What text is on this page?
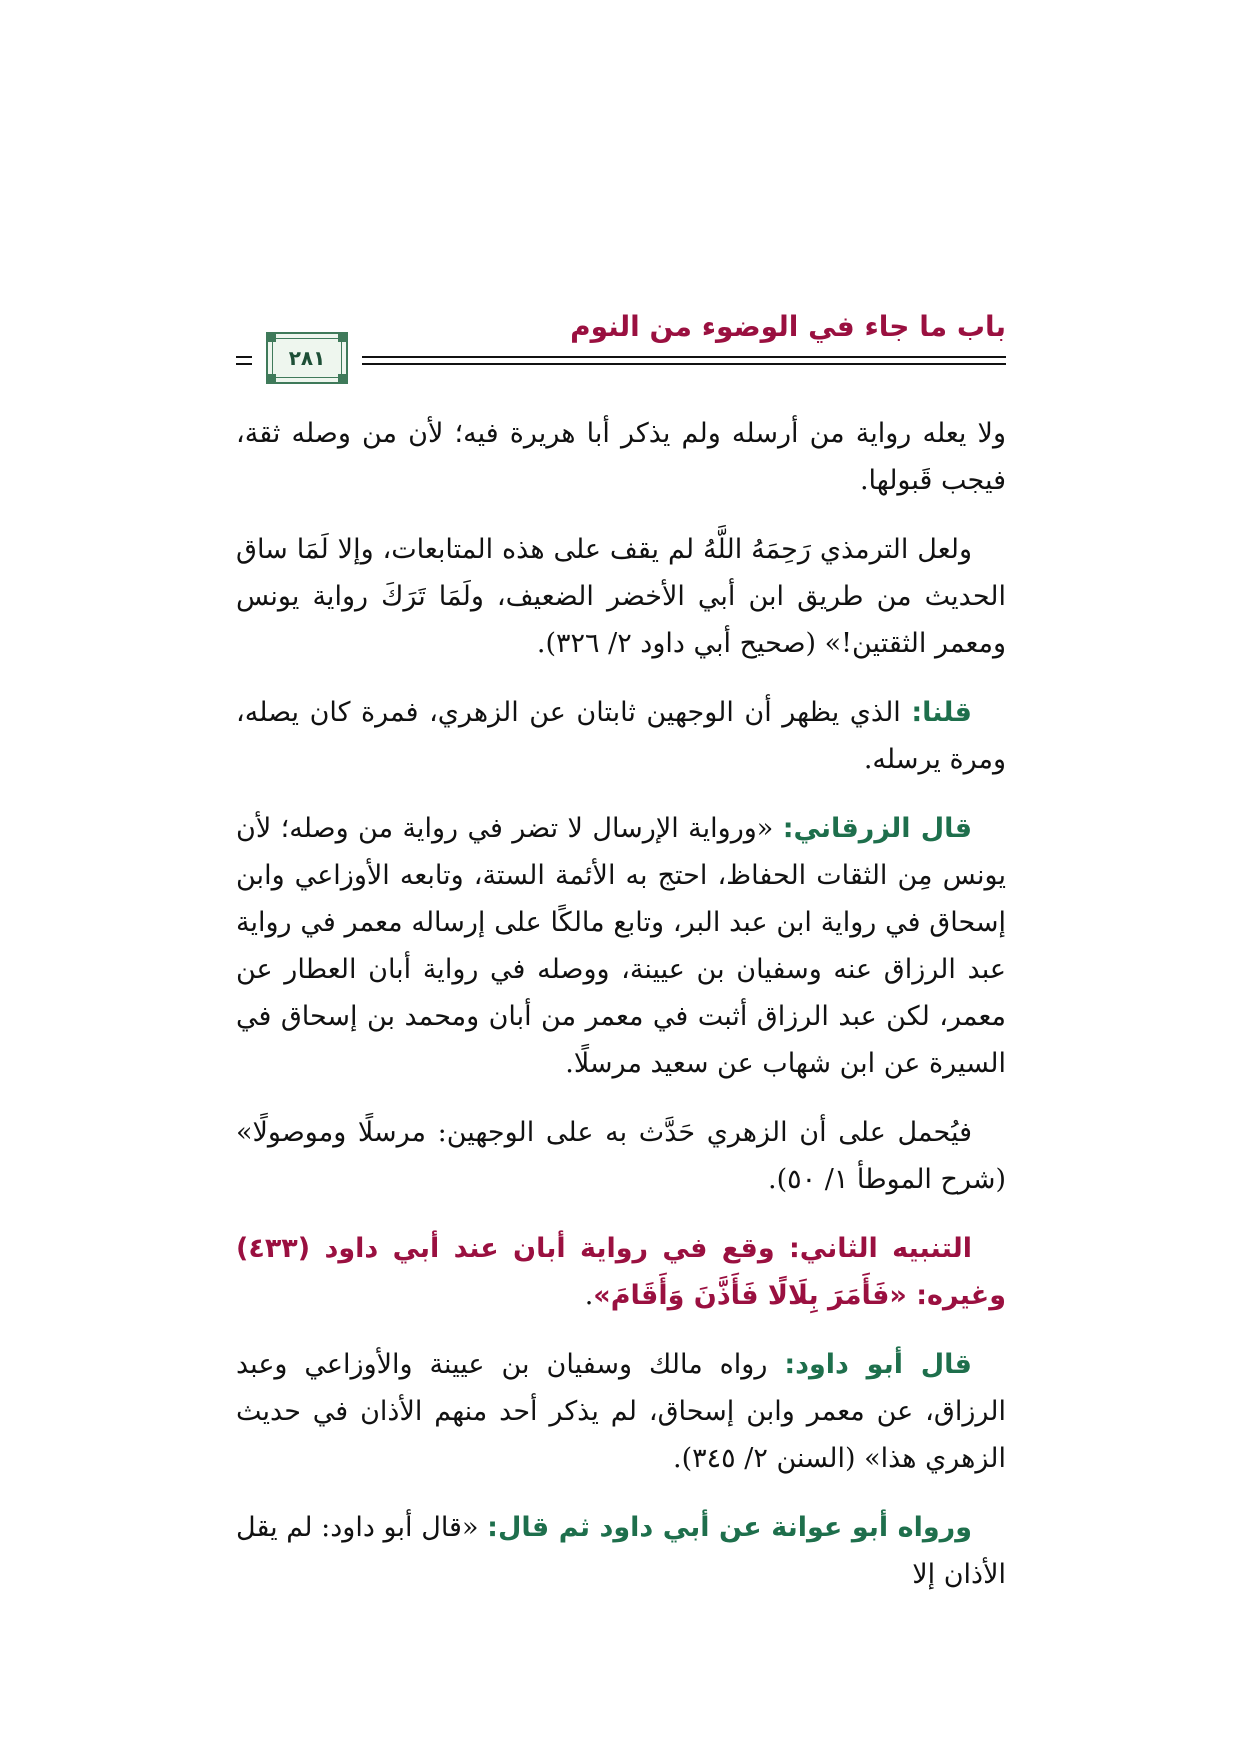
باب ما جاء في الوضوء من النوم
٢٨١

ولا يعله رواية من أرسله ولم يذكر أبا هريرة فيه؛ لأن من وصله ثقة، فيجب قَبولها.

ولعل الترمذي رَحِمَهُ اللَّهُ لم يقف على هذه المتابعات، وإلا لَمَا ساق الحديث من طريق ابن أبي الأخضر الضعيف، ولَمَا تَرَكَ رواية يونس ومعمر الثقتين!» (صحيح أبي داود ٢/ ٣٢٦).

قلنا: الذي يظهر أن الوجهين ثابتان عن الزهري، فمرة كان يصله، ومرة يرسله.

قال الزرقاني: «ورواية الإرسال لا تضر في رواية من وصله؛ لأن يونس مِن الثقات الحفاظ، احتج به الأئمة الستة، وتابعه الأوزاعي وابن إسحاق في رواية ابن عبد البر، وتابع مالكًا على إرساله معمر في رواية عبد الرزاق عنه وسفيان بن عيينة، ووصله في رواية أبان العطار عن معمر، لكن عبد الرزاق أثبت في معمر من أبان ومحمد بن إسحاق في السيرة عن ابن شهاب عن سعيد مرسلًا.

فيُحمل على أن الزهري حَدَّث به على الوجهين: مرسلًا وموصولًا» (شرح الموطأ ١/ ٥٠).

التنبيه الثاني: وقع في رواية أبان عند أبي داود (٤٣٣) وغيره: «فَأَمَرَ بِلَالًا فَأَذَّنَ وَأَقَامَ».

قال أبو داود: رواه مالك وسفيان بن عيينة والأوزاعي وعبد الرزاق، عن معمر وابن إسحاق، لم يذكر أحد منهم الأذان في حديث الزهري هذا» (السنن ٢/ ٣٤٥).

ورواه أبو عوانة عن أبي داود ثم قال: «قال أبو داود: لم يقل الأذان إلا
